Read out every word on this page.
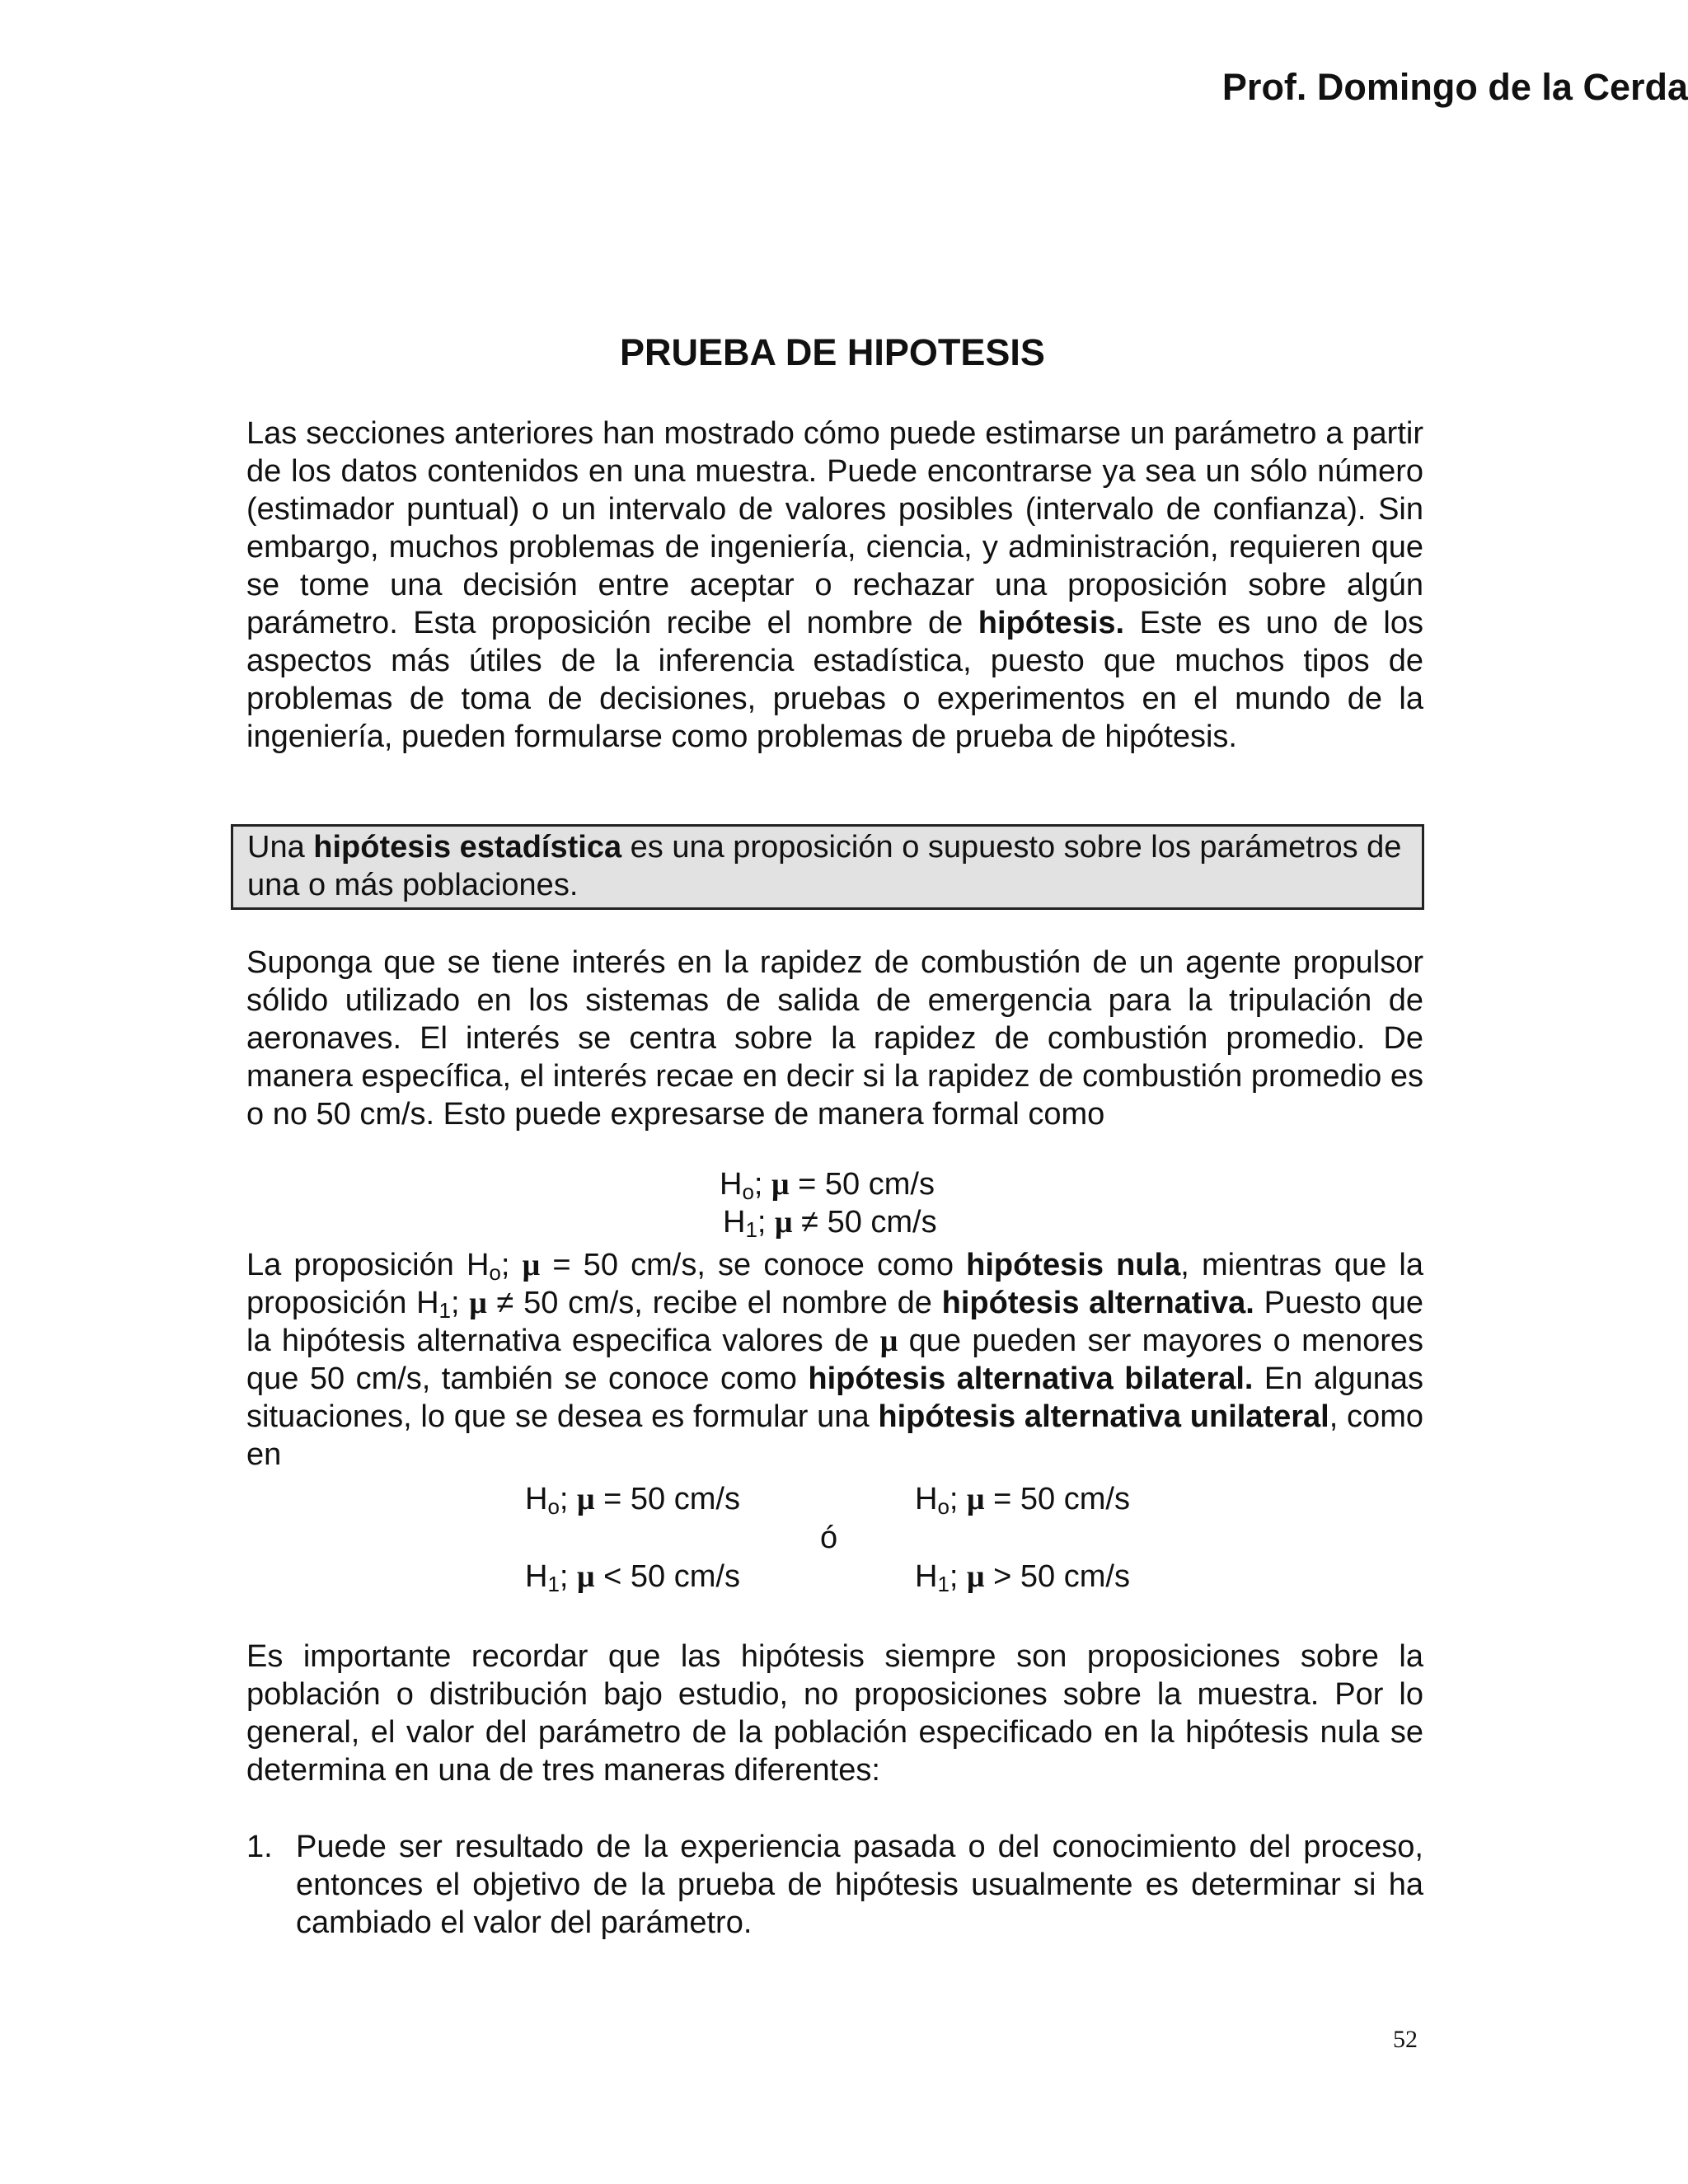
Prof. Domingo de la Cerda
PRUEBA DE HIPOTESIS

Las secciones anteriores han mostrado cómo puede estimarse un parámetro a partir de los datos contenidos en una muestra. Puede encontrarse ya sea un sólo número (estimador puntual) o un intervalo de valores posibles (intervalo de confianza). Sin embargo, muchos problemas de ingeniería, ciencia, y administración, requieren que se tome una decisión entre aceptar o rechazar una proposición sobre algún parámetro. Esta proposición recibe el nombre de hipótesis. Este es uno de los aspectos más útiles de la inferencia estadística, puesto que muchos tipos de problemas de toma de decisiones, pruebas o experimentos en el mundo de la ingeniería, pueden formularse como problemas de prueba de hipótesis.

Una hipótesis estadística es una proposición o supuesto sobre los parámetros de una o más poblaciones.

Suponga que se tiene interés en la rapidez de combustión de un agente propulsor sólido utilizado en los sistemas de salida de emergencia para la tripulación de aeronaves. El interés se centra sobre la rapidez de combustión promedio. De manera específica, el interés recae en decir si la rapidez de combustión promedio es o no 50 cm/s. Esto puede expresarse de manera formal como

$H_o$; μ = 50 cm/s
$H_1$; μ ≠ 50 cm/s

La proposición $H_o$; μ = 50 cm/s, se conoce como hipótesis nula, mientras que la proposición $H_1$; μ ≠ 50 cm/s, recibe el nombre de hipótesis alternativa. Puesto que la hipótesis alternativa especifica valores de μ que pueden ser mayores o menores que 50 cm/s, también se conoce como hipótesis alternativa bilateral. En algunas situaciones, lo que se desea es formular una hipótesis alternativa unilateral, como en

$H_o$; μ = 50 cm/s	$H_o$; μ = 50 cm/s
ó
$H_1$; μ < 50 cm/s	$H_1$; μ > 50 cm/s

Es importante recordar que las hipótesis siempre son proposiciones sobre la población o distribución bajo estudio, no proposiciones sobre la muestra. Por lo general, el valor del parámetro de la población especificado en la hipótesis nula se determina en una de tres maneras diferentes:

1. Puede ser resultado de la experiencia pasada o del conocimiento del proceso, entonces el objetivo de la prueba de hipótesis usualmente es determinar si ha cambiado el valor del parámetro.
52
